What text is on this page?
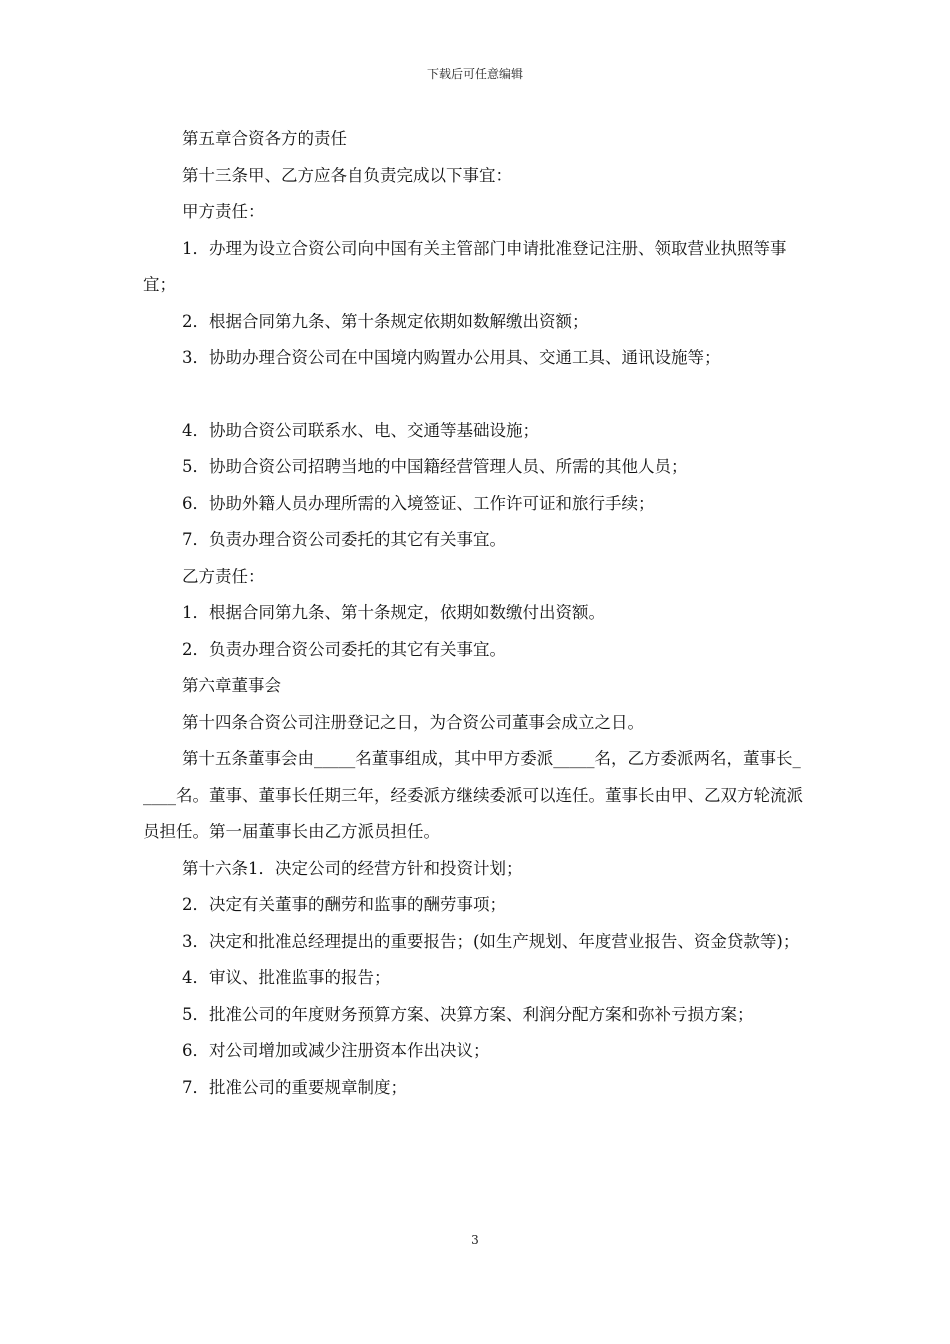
下载后可任意编辑
第五章合资各方的责任
第十三条甲、乙方应各自负责完成以下事宜：
甲方责任：
1．办理为设立合资公司向中国有关主管部门申请批准登记注册、领取营业执照等事宜；
2．根据合同第九条、第十条规定依期如数解缴出资额；
3．协助办理合资公司在中国境内购置办公用具、交通工具、通讯设施等；
4．协助合资公司联系水、电、交通等基础设施；
5．协助合资公司招聘当地的中国籍经营管理人员、所需的其他人员；
6．协助外籍人员办理所需的入境签证、工作许可证和旅行手续；
7．负责办理合资公司委托的其它有关事宜。
乙方责任：
1．根据合同第九条、第十条规定，依期如数缴付出资额。
2．负责办理合资公司委托的其它有关事宜。
第六章董事会
第十四条合资公司注册登记之日，为合资公司董事会成立之日。
第十五条董事会由_____名董事组成，其中甲方委派_____名，乙方委派两名，董事长_____名。董事、董事长任期三年，经委派方继续委派可以连任。董事长由甲、乙双方轮流派员担任。第一届董事长由乙方派员担任。
第十六条1．决定公司的经营方针和投资计划；
2．决定有关董事的酬劳和监事的酬劳事项；
3．决定和批准总经理提出的重要报告；(如生产规划、年度营业报告、资金贷款等)；
4．审议、批准监事的报告；
5．批准公司的年度财务预算方案、决算方案、利润分配方案和弥补亏损方案；
6．对公司增加或减少注册资本作出决议；
7．批准公司的重要规章制度；
3
